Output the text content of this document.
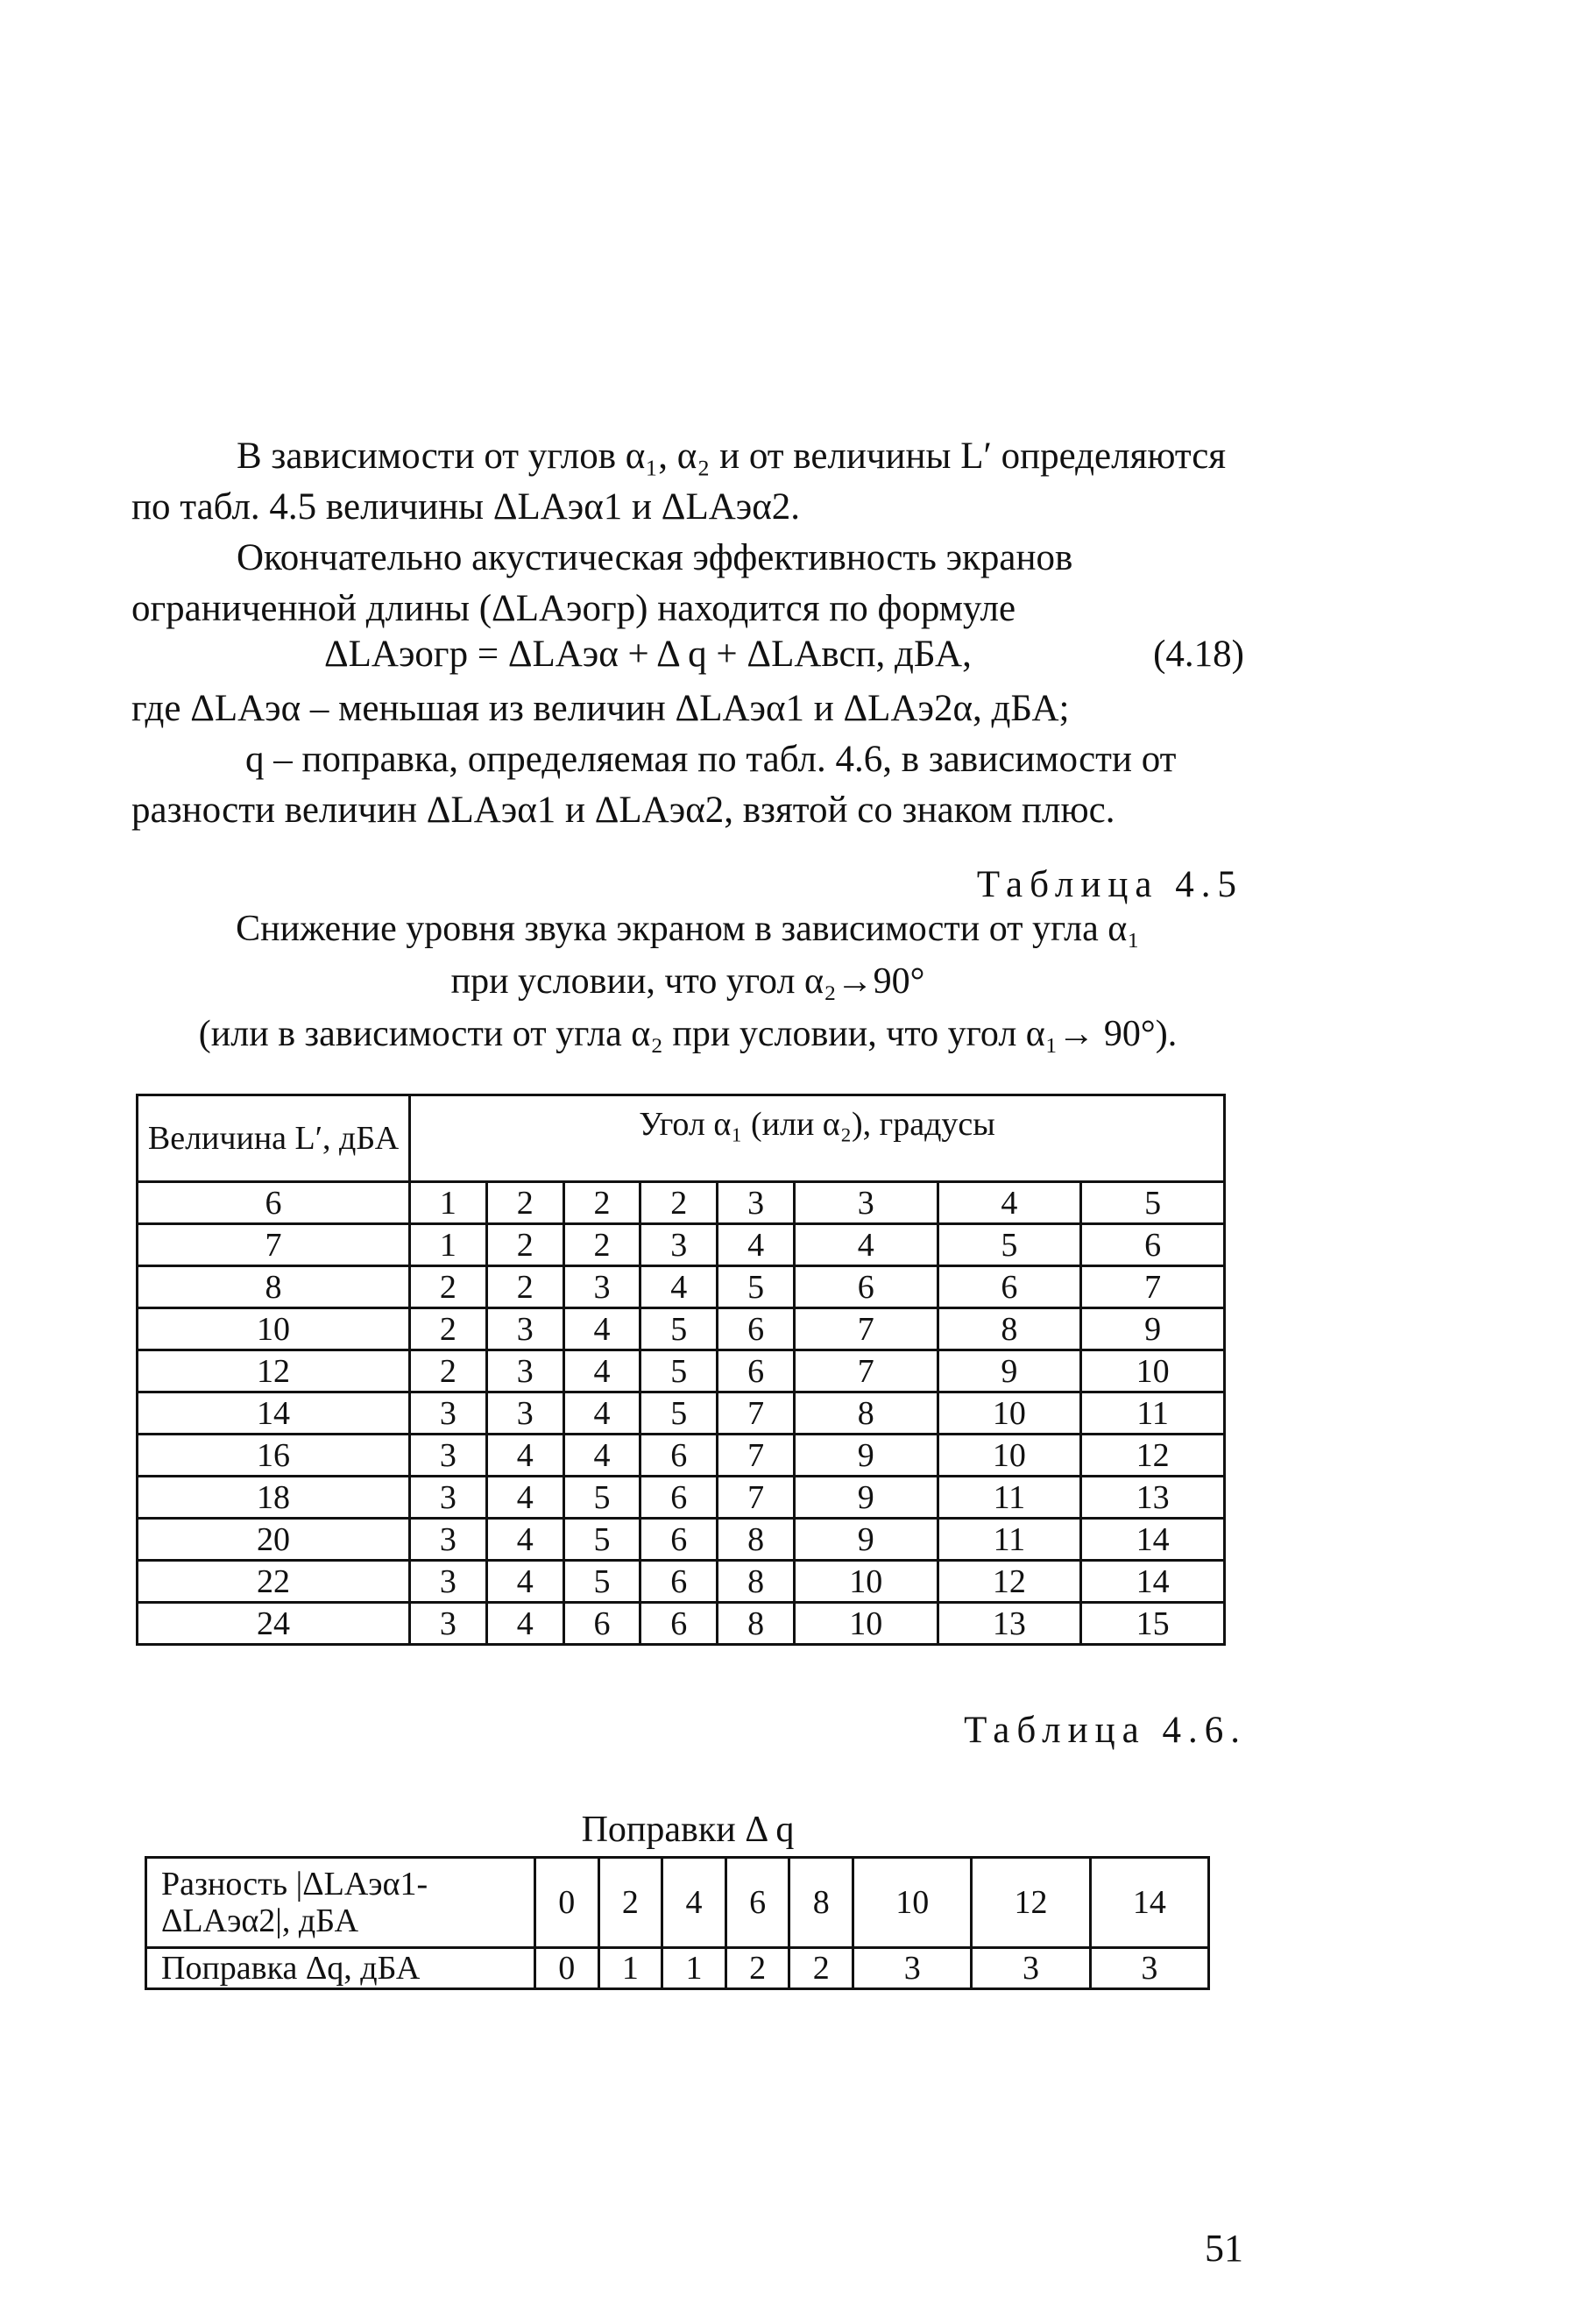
В зависимости от углов α₁, α₂ и от величины L′ определяются по табл. 4.5 величины ΔLАэα1 и ΔLАэα2.

Окончательно акустическая эффективность экранов ограниченной длины (ΔLАэогр) находится по формуле

ΔLАэогр = ΔLАэα + Δ q + ΔLАвсп, дБА,	(4.18)

где ΔLАэα – меньшая из величин ΔLАэα1 и ΔLАэ2α, дБА;

q – поправка, определяемая по табл. 4.6, в зависимости от разности величин ΔLАэα1 и ΔLАэα2, взятой со знаком плюс.

Таблица 4.5
Снижение уровня звука экраном в зависимости от угла α₁
при условии, что угол α₂→90°
(или в зависимости от угла α₂ при условии, что угол α₁→ 90°).
Величина L′, дБА	Угол α₁ (или α₂), градусы							
6	1	2	2	2	3	3	4	5
7	1	2	2	3	4	4	5	6
8	2	2	3	4	5	6	6	7
10	2	3	4	5	6	7	8	9
12	2	3	4	5	6	7	9	10
14	3	3	4	5	7	8	10	11
16	3	4	4	6	7	9	10	12
18	3	4	5	6	7	9	11	13
20	3	4	5	6	8	9	11	14
22	3	4	5	6	8	10	12	14
24	3	4	6	6	8	10	13	15
Таблица 4.6.
Поправки Δ q
Разность |ΔLАэα1- ΔLАэα2|, дБА	0	2	4	6	8	10	12	14
Поправка Δq, дБА	0	1	1	2	2	3	3	3
51
